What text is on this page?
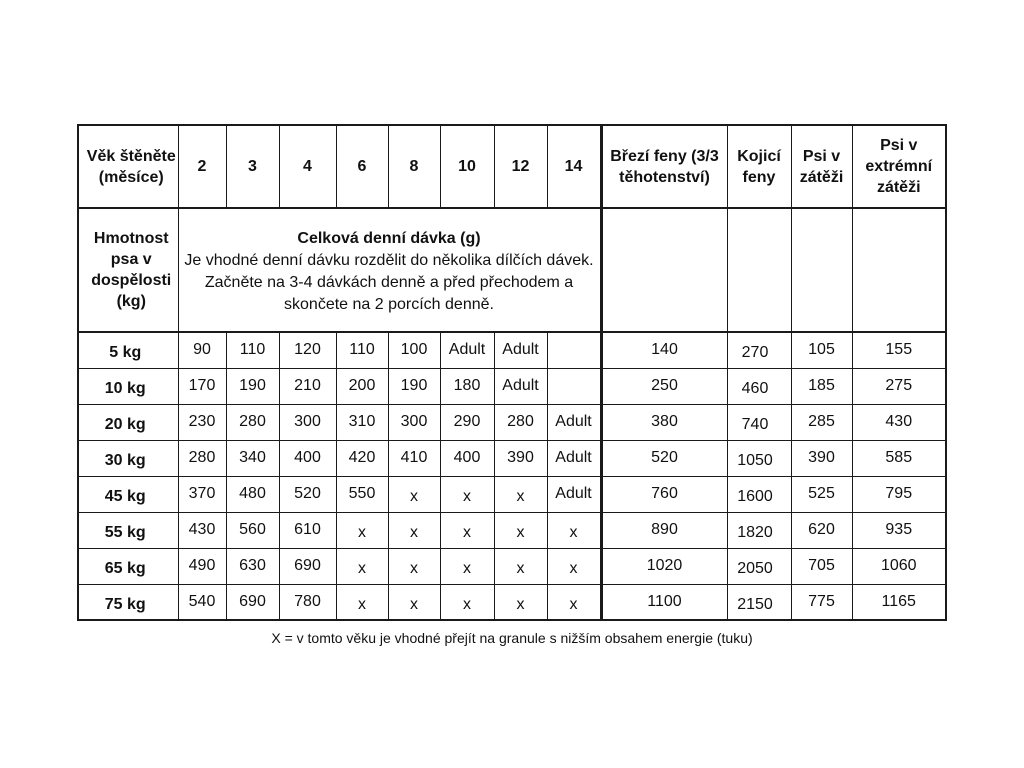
Věk štěněte (měsíce)	2	3	4	6	8	10	12	14	Březí feny (3/3 těhotenství)	Kojicí feny	Psi v zátěži	Psi v extrémní zátěži
Hmotnost psa v dospělosti (kg)	Celková denní dávka (g)
Je vhodné denní dávku rozdělit do několika dílčích dávek.
Začněte na 3-4 dávkách denně a před přechodem a
skončete na 2 porcích denně.											

5 kg	90	110	120	110	100	Adult	Adult		140	270	105	155
10 kg	170	190	210	200	190	180	Adult		250	460	185	275
20 kg	230	280	300	310	300	290	280	Adult	380	740	285	430
30 kg	280	340	400	420	410	400	390	Adult	520	1050	390	585
45 kg	370	480	520	550	x	x	x	Adult	760	1600	525	795
55 kg	430	560	610	x	x	x	x	x	890	1820	620	935
65 kg	490	630	690	x	x	x	x	x	1020	2050	705	1060
75 kg	540	690	780	x	x	x	x	x	1100	2150	775	1165
X = v tomto věku je vhodné přejít na granule s nižším obsahem energie (tuku)
